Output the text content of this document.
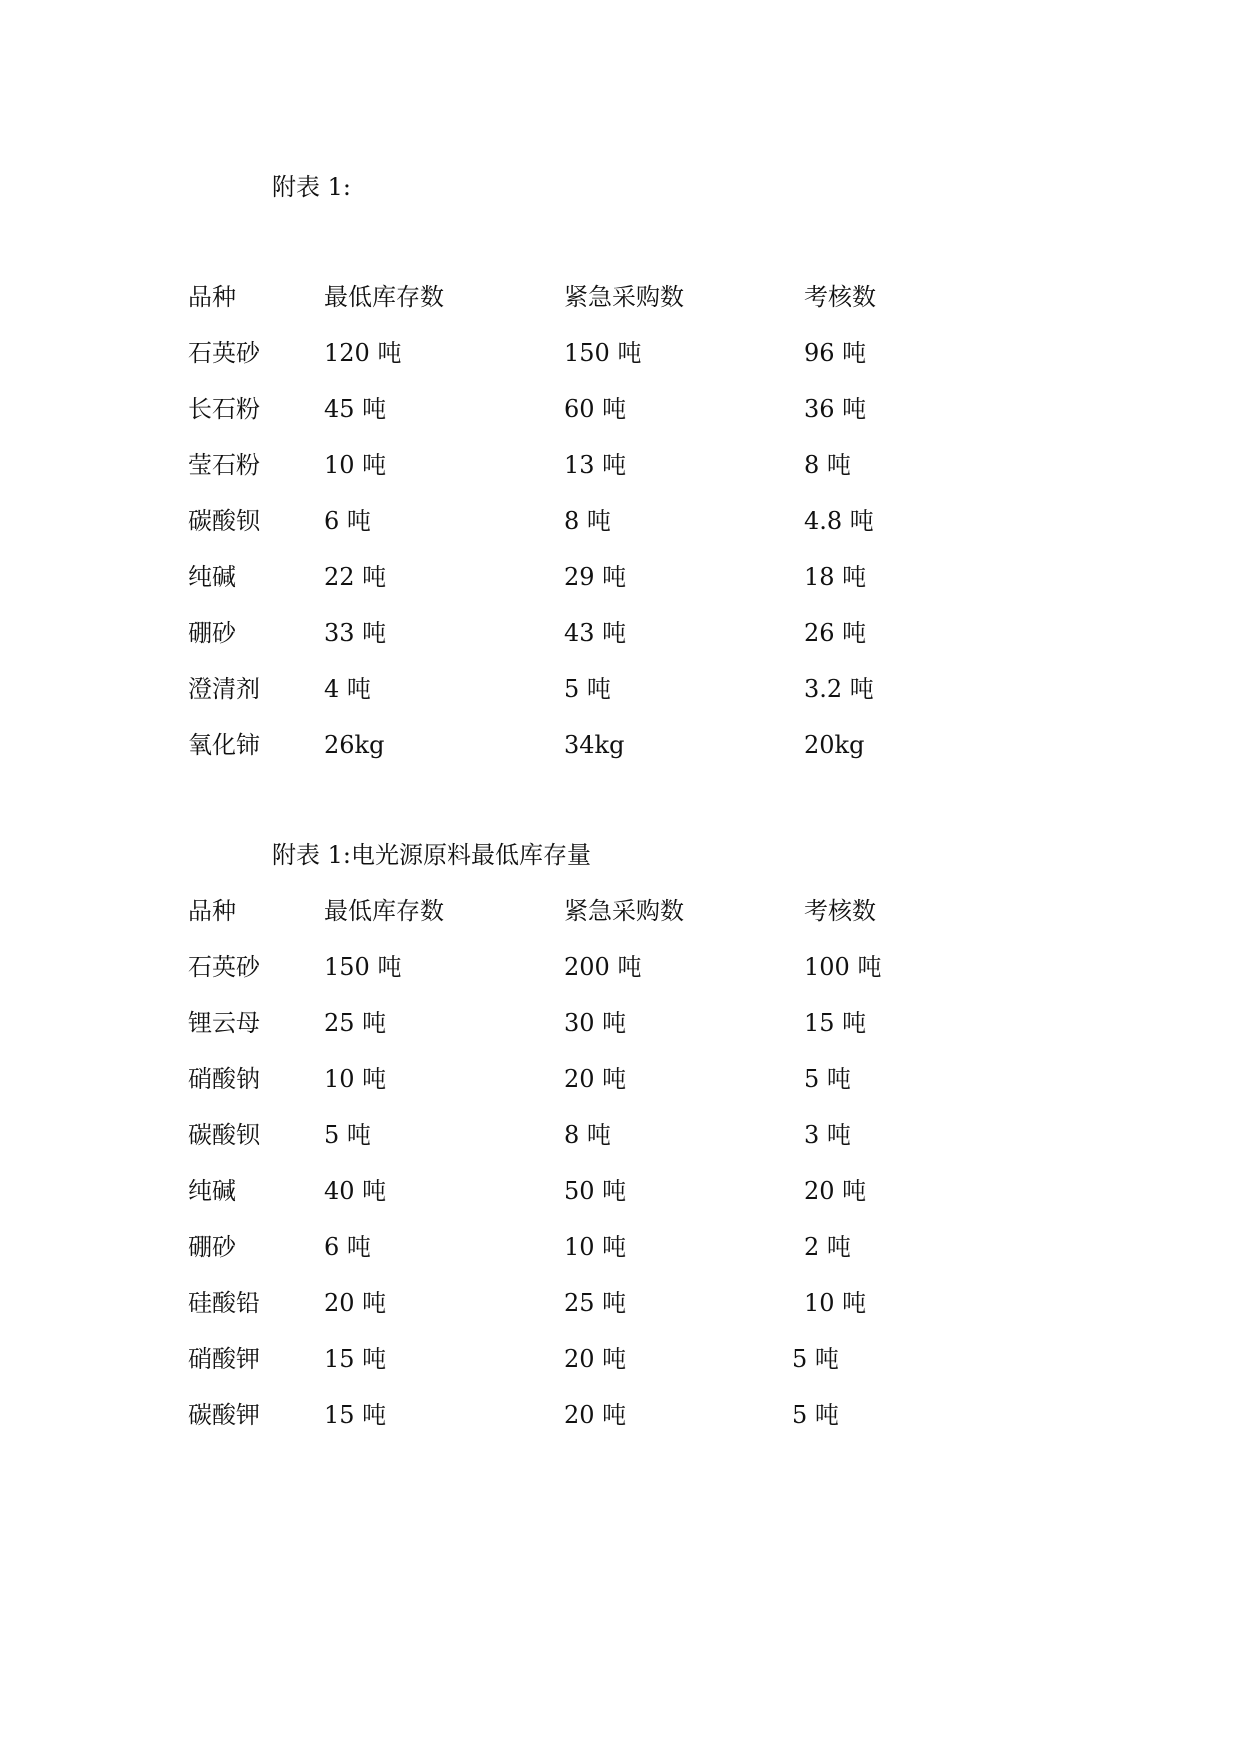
附表 1:
品种	最低库存数	紧急采购数	考核数
石英砂	120 吨	150 吨	96 吨
长石粉	45 吨	60 吨	36 吨
莹石粉	10 吨	13 吨	8 吨
碳酸钡	6 吨	8 吨	4.8 吨
纯碱	22 吨	29 吨	18 吨
硼砂	33 吨	43 吨	26 吨
澄清剂	4 吨	5 吨	3.2 吨
氧化铈	26kg	34kg	20kg
附表 1:电光源原料最低库存量
品种	最低库存数	紧急采购数	考核数
石英砂	150 吨	200 吨	100 吨
锂云母	25 吨	30 吨	15 吨
硝酸钠	10 吨	20 吨	5 吨
碳酸钡	5 吨	8 吨	3 吨
纯碱	40 吨	50 吨	20 吨
硼砂	6 吨	10 吨	2 吨
硅酸铅	20 吨	25 吨	10 吨
硝酸钾	15 吨	20 吨	5 吨
碳酸钾	15 吨	20 吨	5 吨
